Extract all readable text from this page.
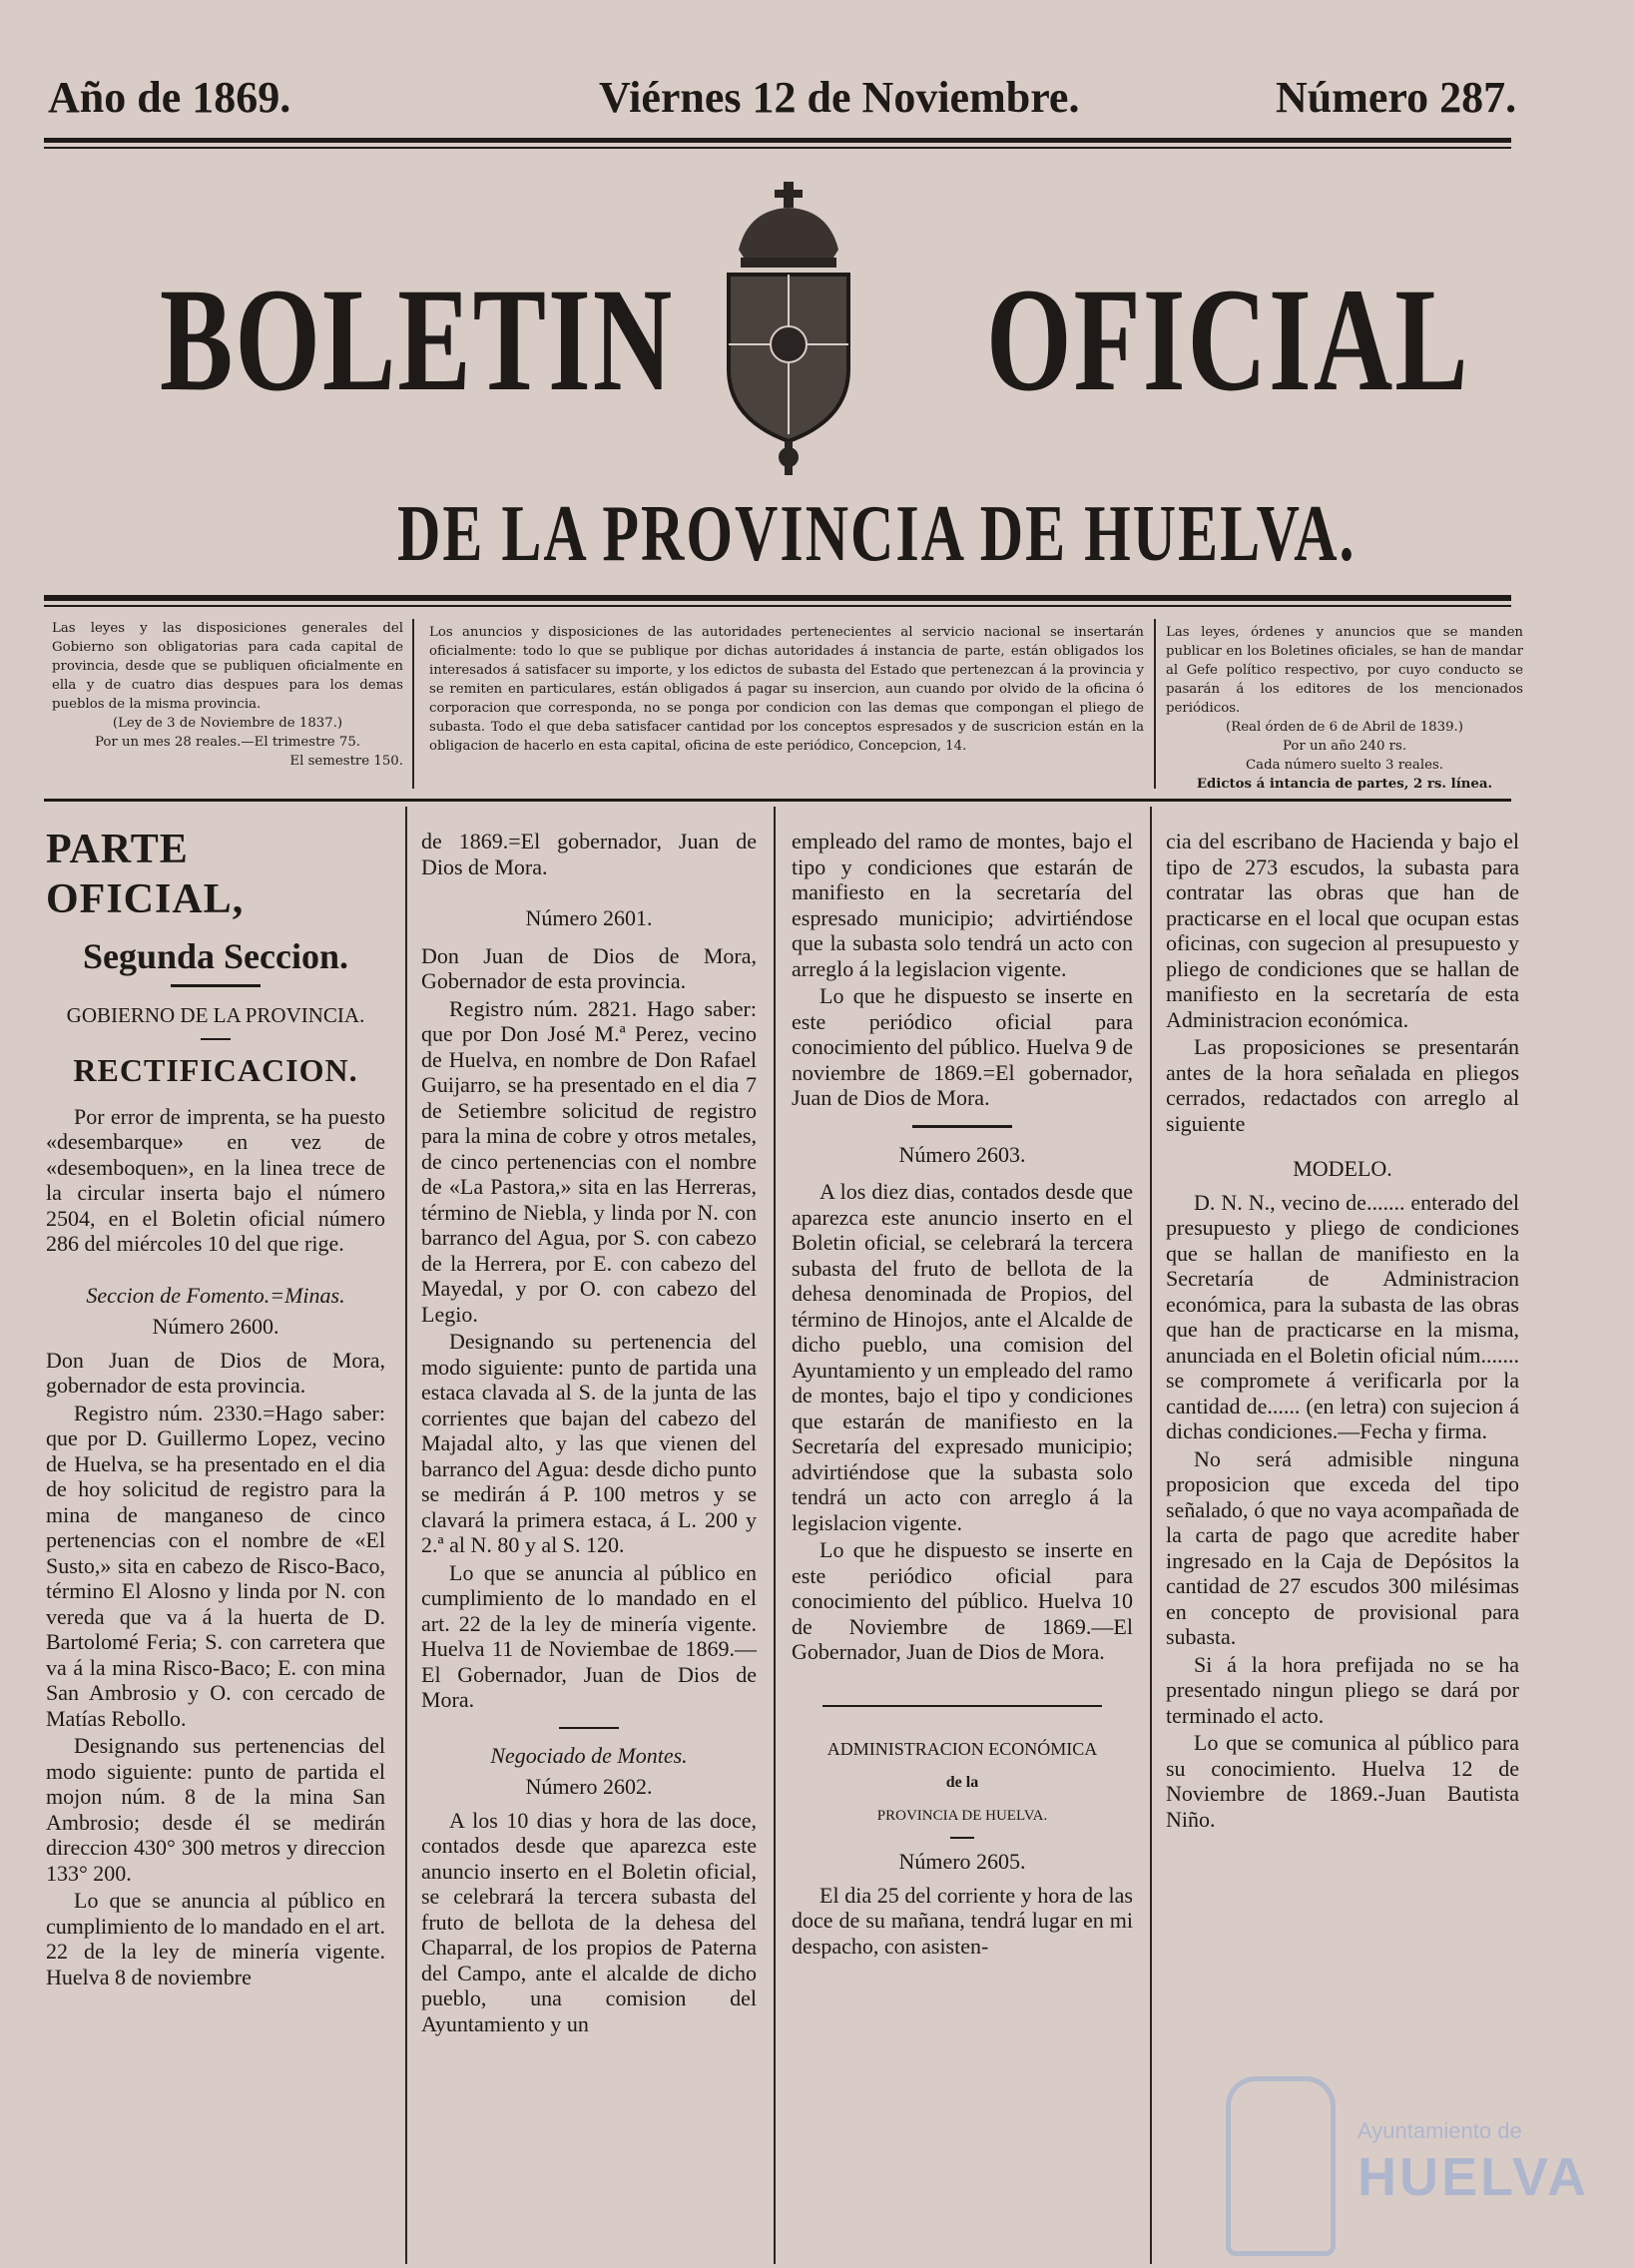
Año de 1869.	Viérnes 12 de Noviembre.	Número 287.
BOLETIN	OFICIAL
DE LA PROVINCIA DE HUELVA.
Las leyes y las disposiciones generales del Gobierno son obligatorias para cada capital de provincia, desde que se publiquen oficialmente en ella y de cuatro dias despues para los demas pueblos de la misma provincia.
(Ley de 3 de Noviembre de 1837.)
Por un mes 28 reales.—El trimestre 75.
El semestre 150.
Los anuncios y disposiciones de las autoridades pertenecientes al servicio nacional se insertarán oficialmente: todo lo que se publique por dichas autoridades á instancia de parte, están obligados los interesados á satisfacer su importe, y los edictos de subasta del Estado que pertenezcan á la provincia y se remiten en particulares, están obligados á pagar su insercion, aun cuando por olvido de la oficina ó corporacion que corresponda, no se ponga por condicion con las demas que compongan el pliego de subasta. Todo el que deba satisfacer cantidad por los conceptos espresados y de suscricion están en la obligacion de hacerlo en esta capital, oficina de este periódico, Concepcion, 14.
Las leyes, órdenes y anuncios que se manden publicar en los Boletines oficiales, se han de mandar al Gefe político respectivo, por cuyo conducto se pasarán á los editores de los mencionados periódicos.
(Real órden de 6 de Abril de 1839.)
Por un año 240 rs.
Cada número suelto 3 reales.
Edictos á intancia de partes, 2 rs. línea.
PARTE OFICIAL,
Segunda Seccion.
GOBIERNO DE LA PROVINCIA.
RECTIFICACION.

Por error de imprenta, se ha puesto «desembarque» en vez de «desemboquen», en la linea trece de la circular inserta bajo el número 2504, en el Boletin oficial número 286 del miércoles 10 del que rige.

Seccion de Fomento.=Minas.
Número 2600.

Don Juan de Dios de Mora, gobernador de esta provincia.

Registro núm. 2330.=Hago saber: que por D. Guillermo Lopez, vecino de Huelva, se ha presentado en el dia de hoy solicitud de registro para la mina de manganeso de cinco pertenencias con el nombre de «El Susto,» sita en cabezo de Risco-Baco, término El Alosno y linda por N. con vereda que va á la huerta de D. Bartolomé Feria; S. con carretera que va á la mina Risco-Baco; E. con mina San Ambrosio y O. con cercado de Matías Rebollo.

Designando sus pertenencias del modo siguiente: punto de partida el mojon núm. 8 de la mina San Ambrosio; desde él se medirán direccion 430° 300 metros y direccion 133° 200.

Lo que se anuncia al público en cumplimiento de lo mandado en el art. 22 de la ley de minería vigente. Huelva 8 de noviembre

de 1869.=El gobernador, Juan de Dios de Mora.

Número 2601.

Don Juan de Dios de Mora, Gobernador de esta provincia.

Registro núm. 2821. Hago saber: que por Don José M.ª Perez, vecino de Huelva, en nombre de Don Rafael Guijarro, se ha presentado en el dia 7 de Setiembre solicitud de registro para la mina de cobre y otros metales, de cinco pertenencias con el nombre de «La Pastora,» sita en las Herreras, término de Niebla, y linda por N. con barranco del Agua, por S. con cabezo de la Herrera, por E. con cabezo del Mayedal, y por O. con cabezo del Legio.

Designando su pertenencia del modo siguiente: punto de partida una estaca clavada al S. de la junta de las corrientes que bajan del cabezo del Majadal alto, y las que vienen del barranco del Agua: desde dicho punto se medirán á P. 100 metros y se clavará la primera estaca, á L. 200 y 2.ª al N. 80 y al S. 120.

Lo que se anuncia al público en cumplimiento de lo mandado en el art. 22 de la ley de minería vigente. Huelva 11 de Noviembae de 1869.—El Gobernador, Juan de Dios de Mora.

Negociado de Montes.
Número 2602.

A los 10 dias y hora de las doce, contados desde que aparezca este anuncio inserto en el Boletin oficial, se celebrará la tercera subasta del fruto de bellota de la dehesa del Chaparral, de los propios de Paterna del Campo, ante el alcalde de dicho pueblo, una comision del Ayuntamiento y un

empleado del ramo de montes, bajo el tipo y condiciones que estarán de manifiesto en la secretaría del espresado municipio; advirtiéndose que la subasta solo tendrá un acto con arreglo á la legislacion vigente.

Lo que he dispuesto se inserte en este periódico oficial para conocimiento del público. Huelva 9 de noviembre de 1869.=El gobernador, Juan de Dios de Mora.

Número 2603.

A los diez dias, contados desde que aparezca este anuncio inserto en el Boletin oficial, se celebrará la tercera subasta del fruto de bellota de la dehesa denominada de Propios, del término de Hinojos, ante el Alcalde de dicho pueblo, una comision del Ayuntamiento y un empleado del ramo de montes, bajo el tipo y condiciones que estarán de manifiesto en la Secretaría del expresado municipio; advirtiéndose que la subasta solo tendrá un acto con arreglo á la legislacion vigente.

Lo que he dispuesto se inserte en este periódico oficial para conocimiento del público. Huelva 10 de Noviembre de 1869.—El Gobernador, Juan de Dios de Mora.

ADMINISTRACION ECONÓMICA
de la
PROVINCIA DE HUELVA.
Número 2605.

El dia 25 del corriente y hora de las doce de su mañana, tendrá lugar en mi despacho, con asisten-

cia del escribano de Hacienda y bajo el tipo de 273 escudos, la subasta para contratar las obras que han de practicarse en el local que ocupan estas oficinas, con sugecion al presupuesto y pliego de condiciones que se hallan de manifiesto en la secretaría de esta Administracion económica.

Las proposiciones se presentarán antes de la hora señalada en pliegos cerrados, redactados con arreglo al siguiente

MODELO.

D. N. N., vecino de....... enterado del presupuesto y pliego de condiciones que se hallan de manifiesto en la Secretaría de Administracion económica, para la subasta de las obras que han de practicarse en la misma, anunciada en el Boletin oficial núm....... se compromete á verificarla por la cantidad de...... (en letra) con sujecion á dichas condiciones.—Fecha y firma.

No será admisible ninguna proposicion que exceda del tipo señalado, ó que no vaya acompañada de la carta de pago que acredite haber ingresado en la Caja de Depósitos la cantidad de 27 escudos 300 milésimas en concepto de provisional para subasta.

Si á la hora prefijada no se ha presentado ningun pliego se dará por terminado el acto.

Lo que se comunica al público para su conocimiento. Huelva 12 de Noviembre de 1869.-Juan Bautista Niño.

Ayuntamiento de
HUELVA
